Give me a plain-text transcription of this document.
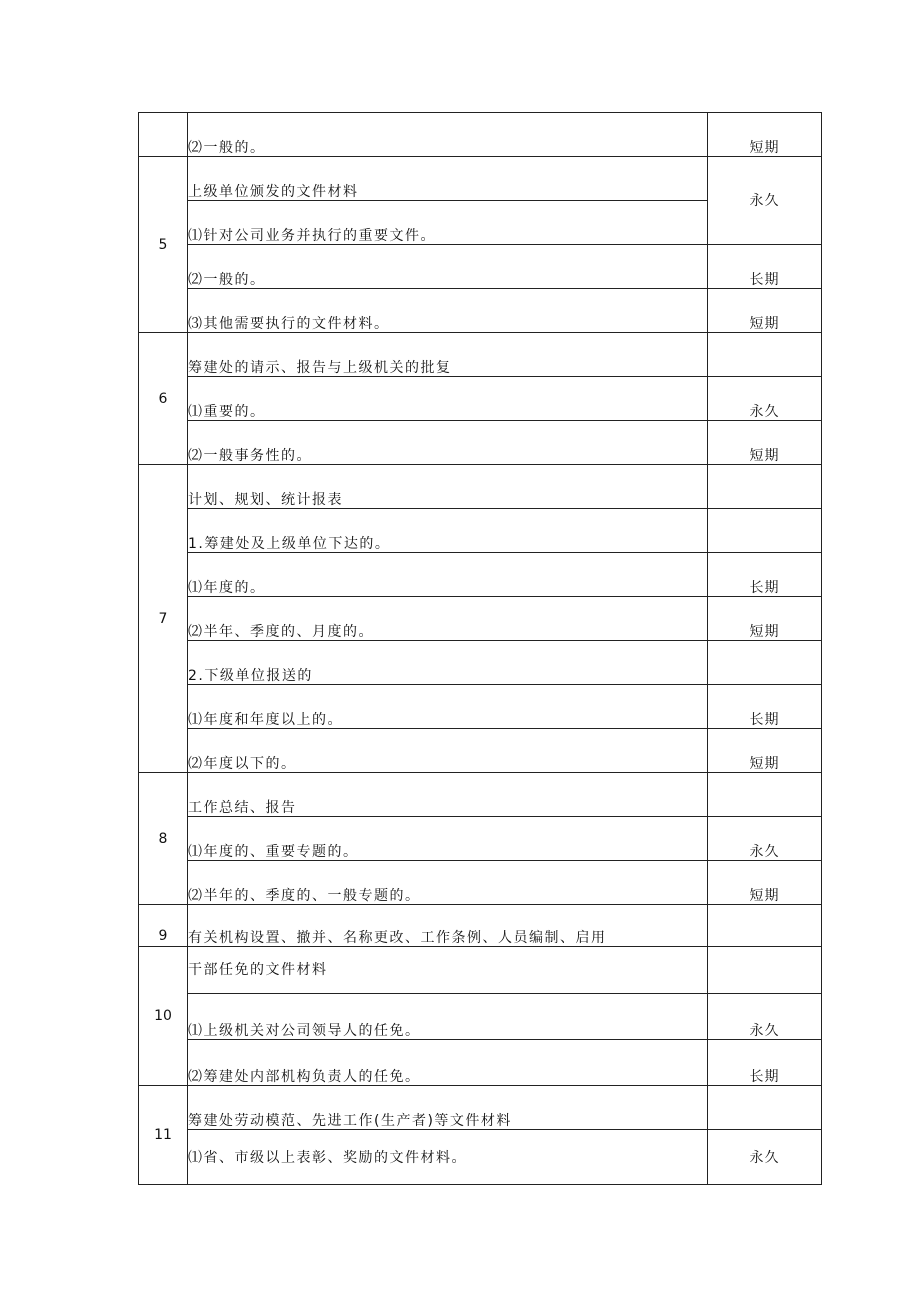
	⑵一般的。	短期
5	上级单位颁发的文件材料	永久
	⑴针对公司业务并执行的重要文件。	
	⑵一般的。	长期
	⑶其他需要执行的文件材料。	短期
6	筹建处的请示、报告与上级机关的批复	
	⑴重要的。	永久
	⑵一般事务性的。	短期
7	计划、规划、统计报表	
	1.筹建处及上级单位下达的。	
	⑴年度的。	长期
	⑵半年、季度的、月度的。	短期
	2.下级单位报送的	
	⑴年度和年度以上的。	长期
	⑵年度以下的。	短期
8	工作总结、报告	
	⑴年度的、重要专题的。	永久
	⑵半年的、季度的、一般专题的。	短期
9	有关机构设置、撤并、名称更改、工作条例、人员编制、启用	
10	干部任免的文件材料	
	⑴上级机关对公司领导人的任免。	永久
	⑵筹建处内部机构负责人的任免。	长期
11	筹建处劳动模范、先进工作(生产者)等文件材料	
	⑴省、市级以上表彰、奖励的文件材料。	永久
